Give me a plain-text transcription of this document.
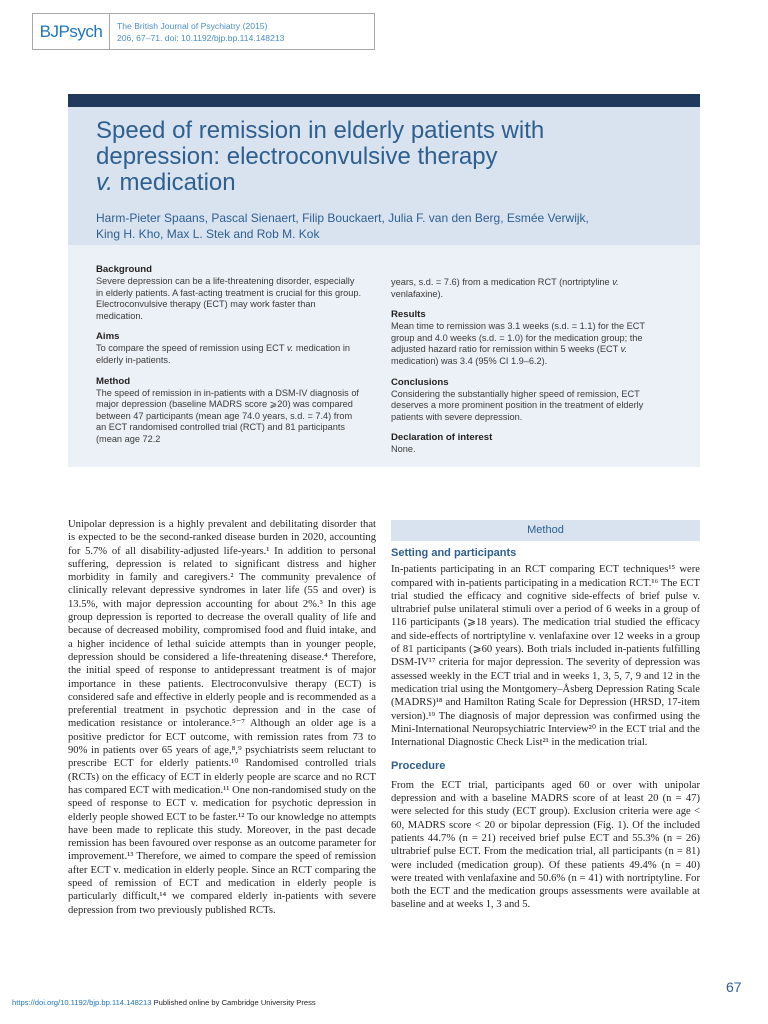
BJPsych	The British Journal of Psychiatry (2015)
206, 67–71. doi: 10.1192/bjp.bp.114.148213
Speed of remission in elderly patients with
depression: electroconvulsive therapy
v. medication
Harm-Pieter Spaans, Pascal Sienaert, Filip Bouckaert, Julia F. van den Berg, Esmée Verwijk,
King H. Kho, Max L. Stek and Rob M. Kok
Background

Severe depression can be a life-threatening disorder, especially in elderly patients. A fast-acting treatment is crucial for this group. Electroconvulsive therapy (ECT) may work faster than medication.

Aims

To compare the speed of remission using ECT v. medication in elderly in-patients.

Method

The speed of remission in in-patients with a DSM-IV diagnosis of major depression (baseline MADRS score ⩾20) was compared between 47 participants (mean age 74.0 years, s.d. = 7.4) from an ECT randomised controlled trial (RCT) and 81 participants (mean age 72.2

years, s.d. = 7.6) from a medication RCT (nortriptyline v. venlafaxine).

Results

Mean time to remission was 3.1 weeks (s.d. = 1.1) for the ECT group and 4.0 weeks (s.d. = 1.0) for the medication group; the adjusted hazard ratio for remission within 5 weeks (ECT v. medication) was 3.4 (95% CI 1.9–6.2).

Conclusions

Considering the substantially higher speed of remission, ECT deserves a more prominent position in the treatment of elderly patients with severe depression.

Declaration of interest

None.

Unipolar depression is a highly prevalent and debilitating disorder that is expected to be the second-ranked disease burden in 2020, accounting for 5.7% of all disability-adjusted life-years.¹ In addition to personal suffering, depression is related to significant distress and higher morbidity in family and caregivers.² The community prevalence of clinically relevant depressive syndromes in later life (55 and over) is 13.5%, with major depression accounting for about 2%.³ In this age group depression is reported to decrease the overall quality of life and because of decreased mobility, compromised food and fluid intake, and a higher incidence of lethal suicide attempts than in younger people, depression should be considered a life-threatening disease.⁴ Therefore, the initial speed of response to antidepressant treatment is of major importance in these patients. Electroconvulsive therapy (ECT) is considered safe and effective in elderly people and is recommended as a preferential treatment in psychotic depression and in the case of medication resistance or intolerance.⁵⁻⁷ Although an older age is a positive predictor for ECT outcome, with remission rates from 73 to 90% in patients over 65 years of age,⁸,⁹ psychiatrists seem reluctant to prescribe ECT for elderly patients.¹⁰ Randomised controlled trials (RCTs) on the efficacy of ECT in elderly people are scarce and no RCT has compared ECT with medication.¹¹ One non-randomised study on the speed of response to ECT v. medication for psychotic depression in elderly people showed ECT to be faster.¹² To our knowledge no attempts have been made to replicate this study. Moreover, in the past decade remission has been favoured over response as an outcome parameter for improvement.¹³ Therefore, we aimed to compare the speed of remission after ECT v. medication in elderly people. Since an RCT comparing the speed of remission of ECT and medication in elderly people is particularly difficult,¹⁴ we compared elderly in-patients with severe depression from two previously published RCTs.

Method
Setting and participants

In-patients participating in an RCT comparing ECT techniques¹⁵ were compared with in-patients participating in a medication RCT.¹⁶ The ECT trial studied the efficacy and cognitive side-effects of brief pulse v. ultrabrief pulse unilateral stimuli over a period of 6 weeks in a group of 116 participants (⩾18 years). The medication trial studied the efficacy and side-effects of nortriptyline v. venlafaxine over 12 weeks in a group of 81 participants (⩾60 years). Both trials included in-patients fulfilling DSM-IV¹⁷ criteria for major depression. The severity of depression was assessed weekly in the ECT trial and in weeks 1, 3, 5, 7, 9 and 12 in the medication trial using the Montgomery–Åsberg Depression Rating Scale (MADRS)¹⁸ and Hamilton Rating Scale for Depression (HRSD, 17-item version).¹⁹ The diagnosis of major depression was confirmed using the Mini-International Neuropsychiatric Interview²⁰ in the ECT trial and the International Diagnostic Check List²¹ in the medication trial.

Procedure

From the ECT trial, participants aged 60 or over with unipolar depression and with a baseline MADRS score of at least 20 (n = 47) were selected for this study (ECT group). Exclusion criteria were age < 60, MADRS score < 20 or bipolar depression (Fig. 1). Of the included patients 44.7% (n = 21) received brief pulse ECT and 55.3% (n = 26) ultrabrief pulse ECT. From the medication trial, all participants (n = 81) were included (medication group). Of these patients 49.4% (n = 40) were treated with venlafaxine and 50.6% (n = 41) with nortriptyline. For both the ECT and the medication groups assessments were available at baseline and at weeks 1, 3 and 5.

https://doi.org/10.1192/bjp.bp.114.148213 Published online by Cambridge University Press
67
